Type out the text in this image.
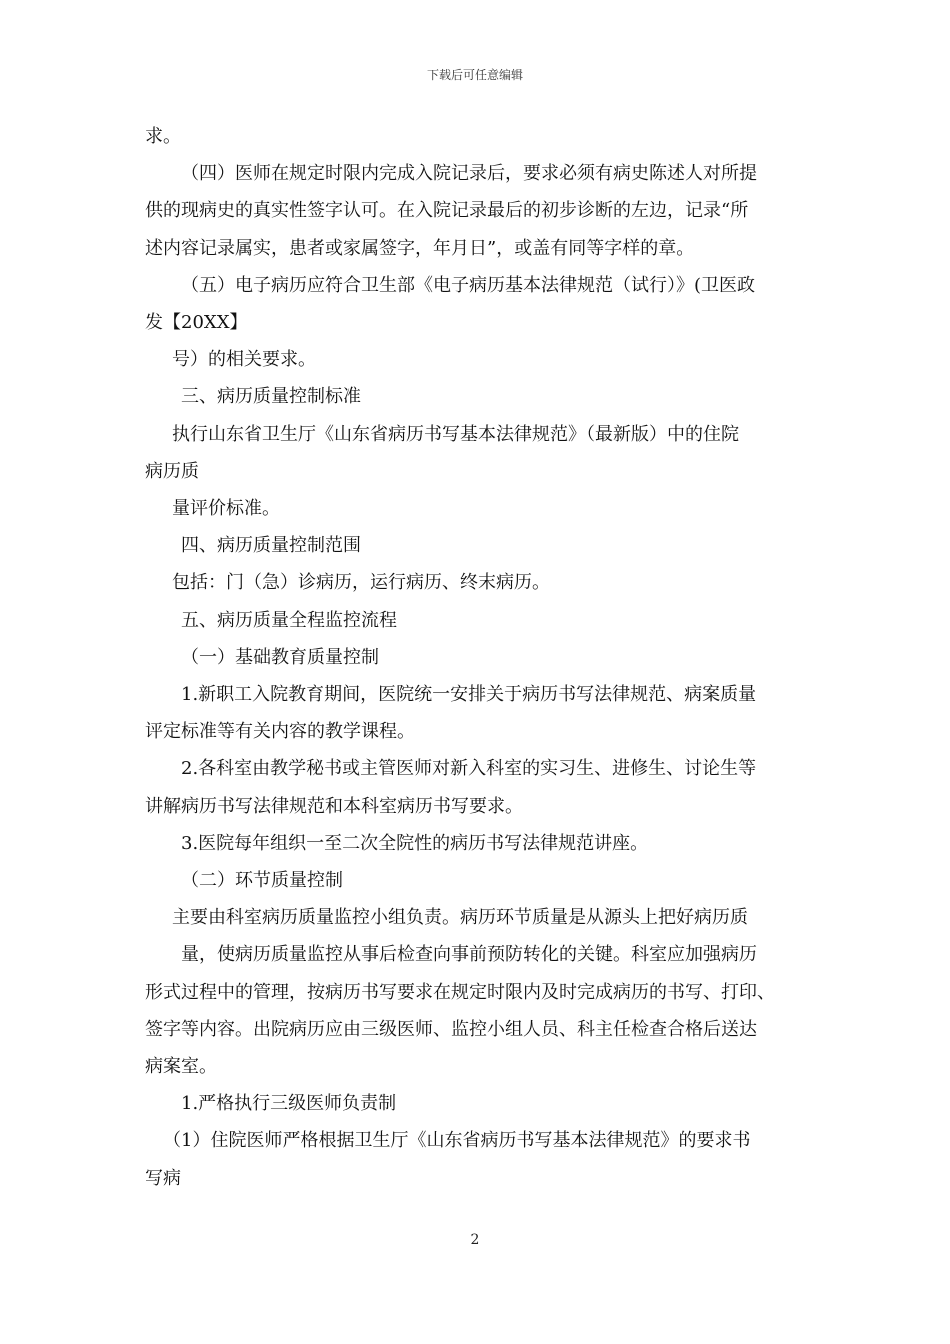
下载后可任意编辑
求。
（四）医师在规定时限内完成入院记录后，要求必须有病史陈述人对所提
供的现病史的真实性签字认可。在入院记录最后的初步诊断的左边，记录“所
述内容记录属实，患者或家属签字，年月日”，或盖有同等字样的章。
（五）电子病历应符合卫生部《电子病历基本法律规范（试行）》(卫医政
发【20XX】
号）的相关要求。
三、病历质量控制标准
执行山东省卫生厅《山东省病历书写基本法律规范》（最新版）中的住院
病历质
量评价标准。
四、病历质量控制范围
包括：门（急）诊病历，运行病历、终末病历。
五、病历质量全程监控流程
（一）基础教育质量控制
1.新职工入院教育期间，医院统一安排关于病历书写法律规范、病案质量
评定标准等有关内容的教学课程。
2.各科室由教学秘书或主管医师对新入科室的实习生、进修生、讨论生等
讲解病历书写法律规范和本科室病历书写要求。
3.医院每年组织一至二次全院性的病历书写法律规范讲座。
（二）环节质量控制
主要由科室病历质量监控小组负责。病历环节质量是从源头上把好病历质
量，使病历质量监控从事后检查向事前预防转化的关键。科室应加强病历
形式过程中的管理，按病历书写要求在规定时限内及时完成病历的书写、打印、
签字等内容。出院病历应由三级医师、监控小组人员、科主任检查合格后送达
病案室。
1.严格执行三级医师负责制
（1）住院医师严格根据卫生厅《山东省病历书写基本法律规范》的要求书
写病
2
